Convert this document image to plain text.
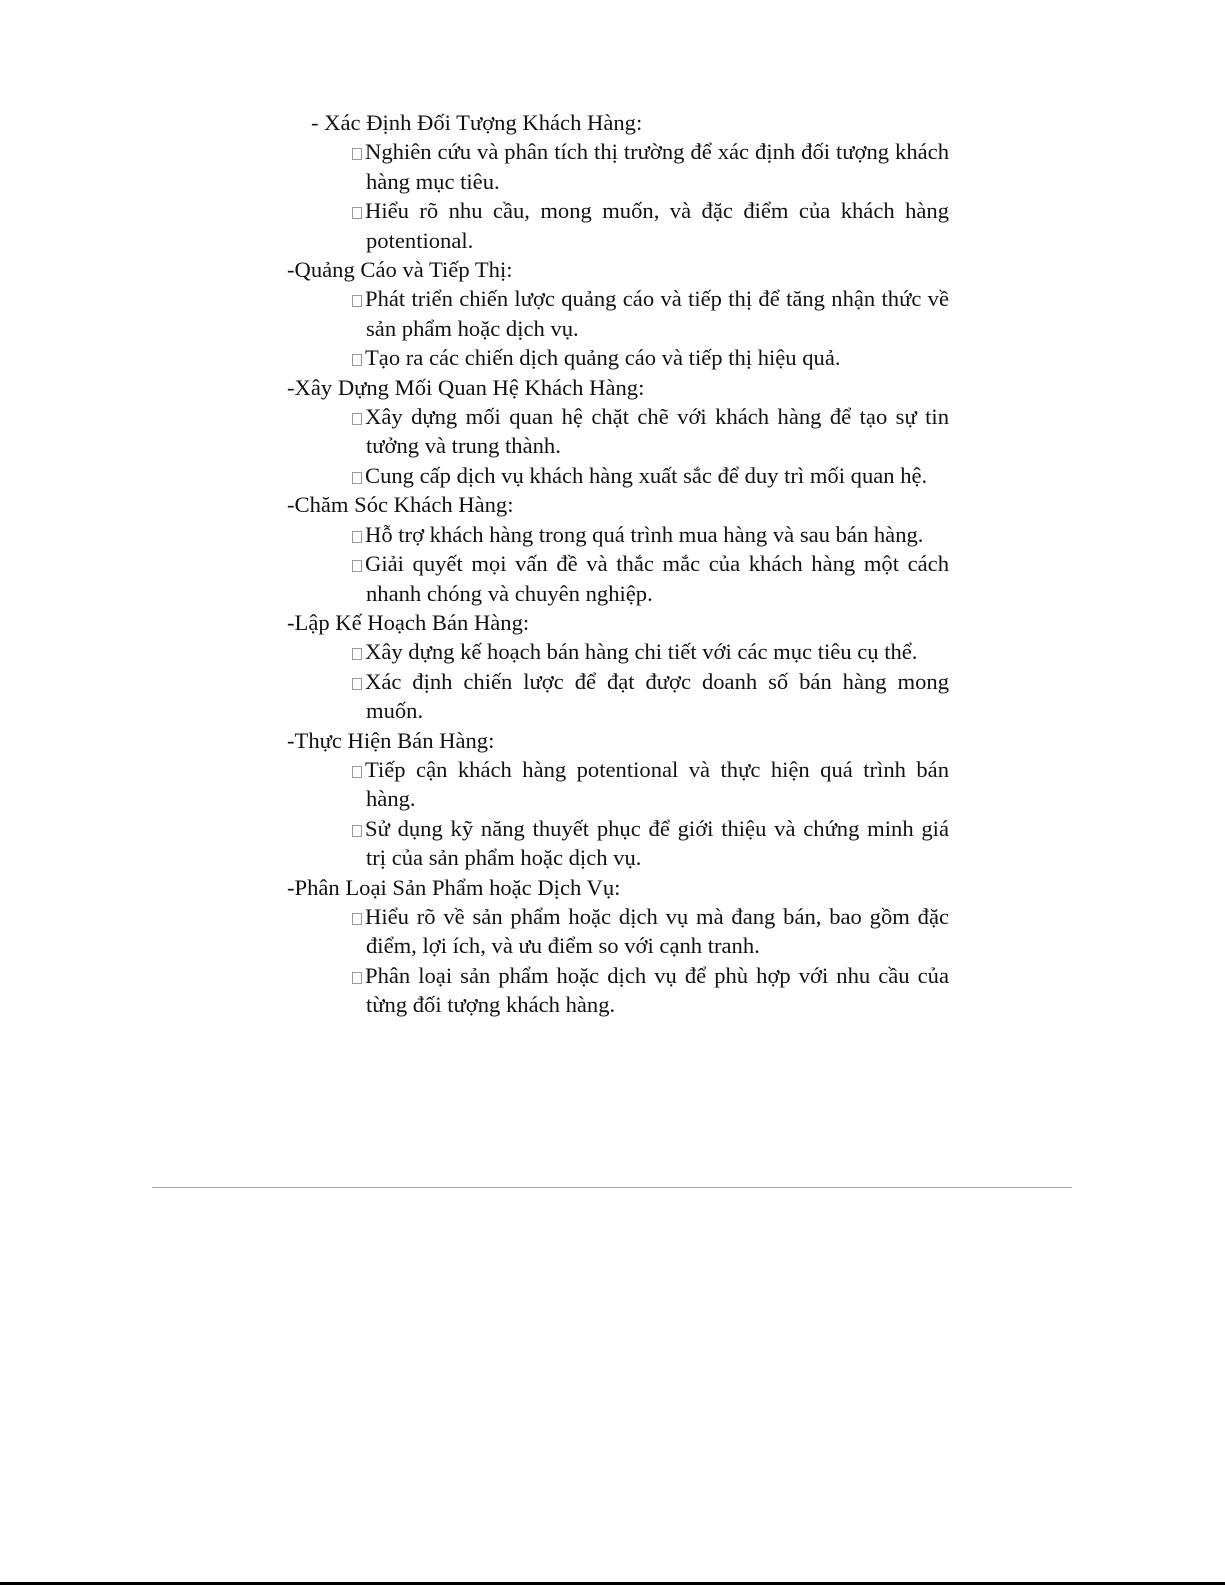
- Xác Định Đối Tượng Khách Hàng:

Nghiên cứu và phân tích thị trường để xác định đối tượng khách hàng mục tiêu.

Hiểu rõ nhu cầu, mong muốn, và đặc điểm của khách hàng potentional.

-Quảng Cáo và Tiếp Thị:

Phát triển chiến lược quảng cáo và tiếp thị để tăng nhận thức về sản phẩm hoặc dịch vụ.

Tạo ra các chiến dịch quảng cáo và tiếp thị hiệu quả.

-Xây Dựng Mối Quan Hệ Khách Hàng:

Xây dựng mối quan hệ chặt chẽ với khách hàng để tạo sự tin tưởng và trung thành.

Cung cấp dịch vụ khách hàng xuất sắc để duy trì mối quan hệ.

-Chăm Sóc Khách Hàng:

Hỗ trợ khách hàng trong quá trình mua hàng và sau bán hàng.

Giải quyết mọi vấn đề và thắc mắc của khách hàng một cách nhanh chóng và chuyên nghiệp.

-Lập Kế Hoạch Bán Hàng:

Xây dựng kế hoạch bán hàng chi tiết với các mục tiêu cụ thể.

Xác định chiến lược để đạt được doanh số bán hàng mong muốn.

-Thực Hiện Bán Hàng:

Tiếp cận khách hàng potentional và thực hiện quá trình bán hàng.

Sử dụng kỹ năng thuyết phục để giới thiệu và chứng minh giá trị của sản phẩm hoặc dịch vụ.

-Phân Loại Sản Phẩm hoặc Dịch Vụ:

Hiểu rõ về sản phẩm hoặc dịch vụ mà đang bán, bao gồm đặc điểm, lợi ích, và ưu điểm so với cạnh tranh.

Phân loại sản phẩm hoặc dịch vụ để phù hợp với nhu cầu của từng đối tượng khách hàng.
